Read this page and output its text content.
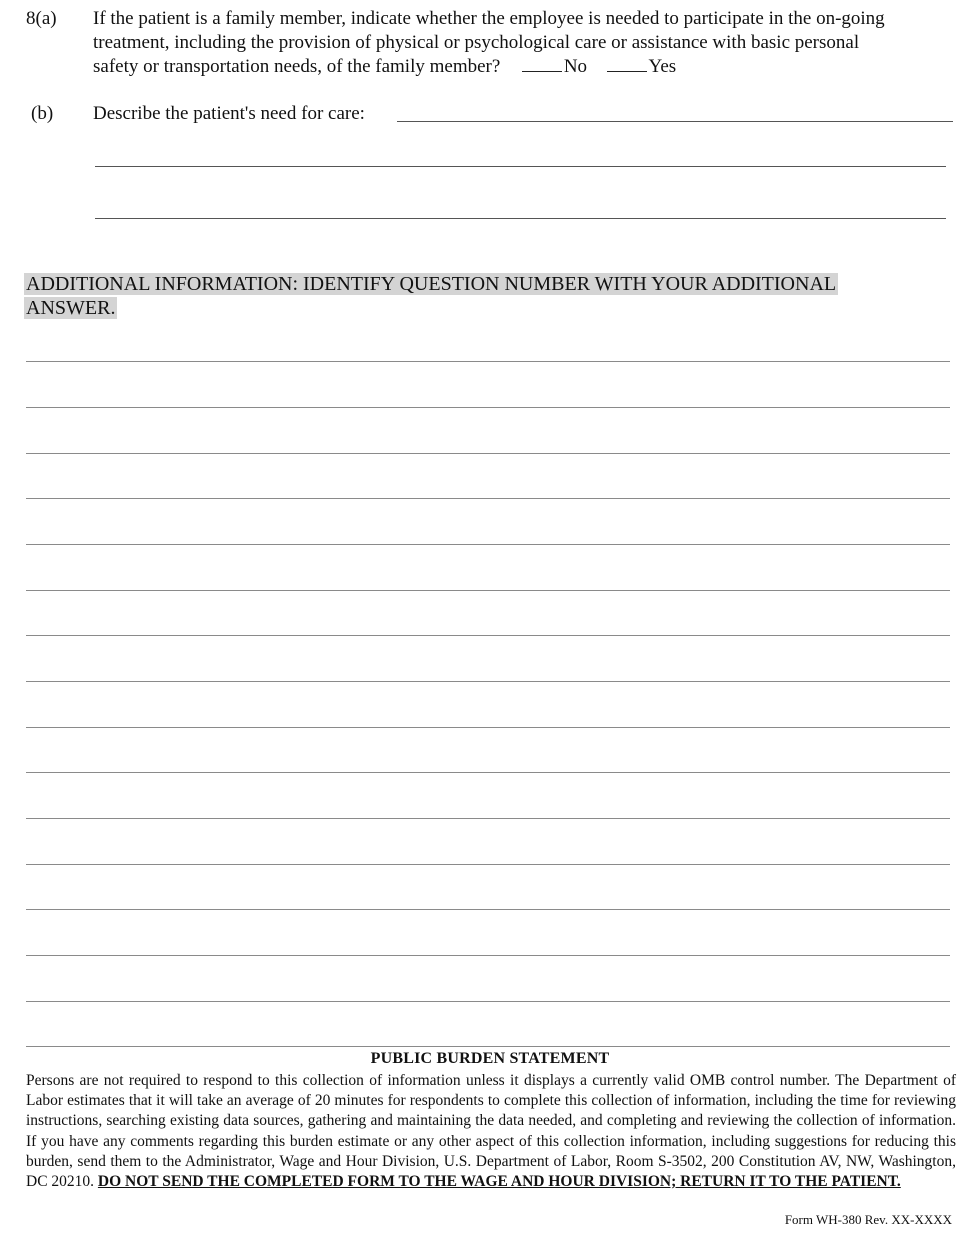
8(a) If the patient is a family member, indicate whether the employee is needed to participate in the on-going
treatment, including the provision of physical or psychological care or assistance with basic personal
safety or transportation needs, of the family member?	No	Yes
(b) Describe the patient's need for care:
ADDITIONAL INFORMATION: IDENTIFY QUESTION NUMBER WITH YOUR ADDITIONAL
ANSWER.
PUBLIC BURDEN STATEMENT
Persons are not required to respond to this collection of information unless it displays a currently valid OMB control number. The Department of Labor estimates that it will take an average of 20 minutes for respondents to complete this collection of information, including the time for reviewing instructions, searching existing data sources, gathering and maintaining the data needed, and completing and reviewing the collection of information. If you have any comments regarding this burden estimate or any other aspect of this collection information, including suggestions for reducing this burden, send them to the Administrator, Wage and Hour Division, U.S. Department of Labor, Room S-3502, 200 Constitution AV, NW, Washington, DC 20210. DO NOT SEND THE COMPLETED FORM TO THE WAGE AND HOUR DIVISION; RETURN IT TO THE PATIENT.
Form WH-380 Rev. XX-XXXX
